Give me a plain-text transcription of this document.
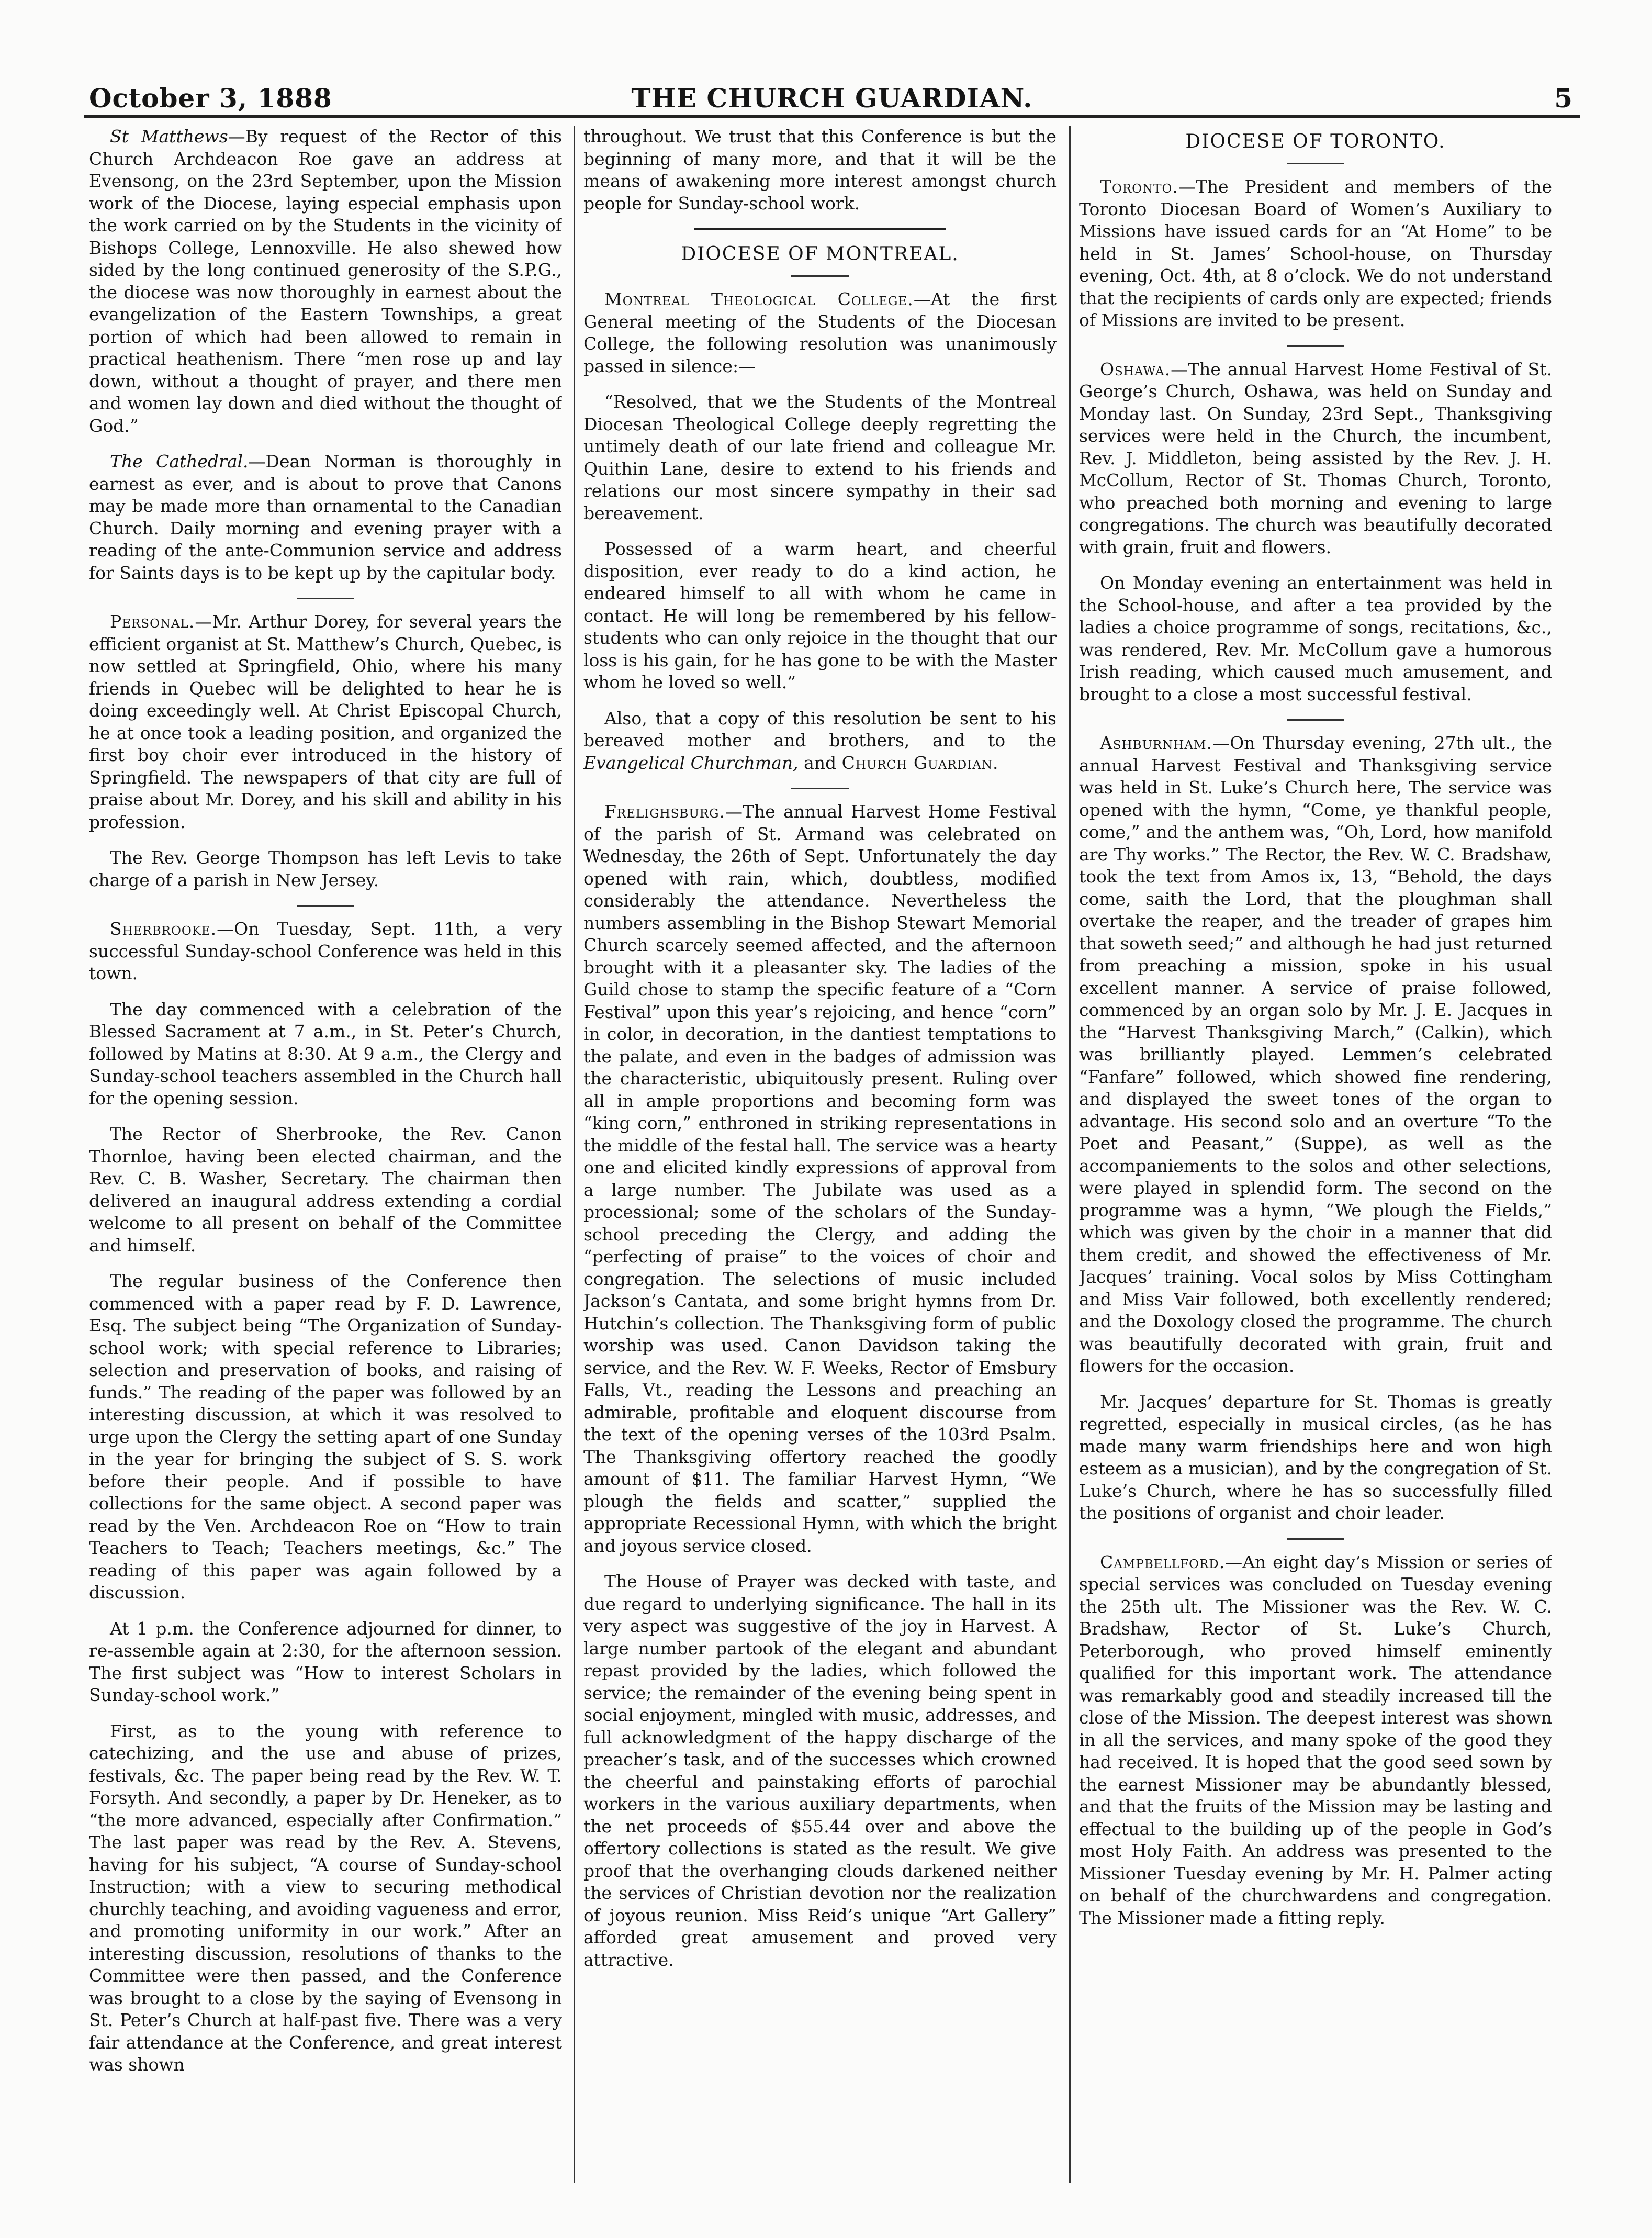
October 3, 1888	THE CHURCH GUARDIAN.	5

St Matthews—By request of the Rector of this Church Archdeacon Roe gave an address at Evensong, on the 23rd September, upon the Mission work of the Diocese, laying especial emphasis upon the work carried on by the Students in the vicinity of Bishops College, Lennoxville. He also shewed how sided by the long continued generosity of the S.P.G., the diocese was now thoroughly in earnest about the evangelization of the Eastern Townships, a great portion of which had been allowed to remain in practical heathenism. There “men rose up and lay down, without a thought of prayer, and there men and women lay down and died without the thought of God.”

The Cathedral.—Dean Norman is thoroughly in earnest as ever, and is about to prove that Canons may be made more than ornamental to the Canadian Church. Daily morning and evening prayer with a reading of the ante-Communion service and address for Saints days is to be kept up by the capitular body.

Personal.—Mr. Arthur Dorey, for several years the efficient organist at St. Matthew’s Church, Quebec, is now settled at Springfield, Ohio, where his many friends in Quebec will be delighted to hear he is doing exceedingly well. At Christ Episcopal Church, he at once took a leading position, and organized the first boy choir ever introduced in the history of Springfield. The newspapers of that city are full of praise about Mr. Dorey, and his skill and ability in his profession.

The Rev. George Thompson has left Levis to take charge of a parish in New Jersey.

Sherbrooke.—On Tuesday, Sept. 11th, a very successful Sunday-school Conference was held in this town.

The day commenced with a celebration of the Blessed Sacrament at 7 a.m., in St. Peter’s Church, followed by Matins at 8:30. At 9 a.m., the Clergy and Sunday-school teachers assembled in the Church hall for the opening session.

The Rector of Sherbrooke, the Rev. Canon Thornloe, having been elected chairman, and the Rev. C. B. Washer, Secretary. The chairman then delivered an inaugural address extending a cordial welcome to all present on behalf of the Committee and himself.

The regular business of the Conference then commenced with a paper read by F. D. Lawrence, Esq. The subject being “The Organization of Sunday-school work; with special reference to Libraries; selection and preservation of books, and raising of funds.” The reading of the paper was followed by an interesting discussion, at which it was resolved to urge upon the Clergy the setting apart of one Sunday in the year for bringing the subject of S. S. work before their people. And if possible to have collections for the same object. A second paper was read by the Ven. Archdeacon Roe on “How to train Teachers to Teach; Teachers meetings, &c.” The reading of this paper was again followed by a discussion.

At 1 p.m. the Conference adjourned for dinner, to re-assemble again at 2:30, for the afternoon session. The first subject was “How to interest Scholars in Sunday-school work.”

First, as to the young with reference to catechizing, and the use and abuse of prizes, festivals, &c. The paper being read by the Rev. W. T. Forsyth. And secondly, a paper by Dr. Heneker, as to “the more advanced, especially after Confirmation.” The last paper was read by the Rev. A. Stevens, having for his subject, “A course of Sunday-school Instruction; with a view to securing methodical churchly teaching, and avoiding vagueness and error, and promoting uniformity in our work.” After an interesting discussion, resolutions of thanks to the Committee were then passed, and the Conference was brought to a close by the saying of Evensong in St. Peter’s Church at half-past five. There was a very fair attendance at the Conference, and great interest was shown

throughout. We trust that this Conference is but the beginning of many more, and that it will be the means of awakening more interest amongst church people for Sunday-school work.

DIOCESE OF MONTREAL.

Montreal Theological College.—At the first General meeting of the Students of the Diocesan College, the following resolution was unanimously passed in silence:—

“Resolved, that we the Students of the Montreal Diocesan Theological College deeply regretting the untimely death of our late friend and colleague Mr. Quithin Lane, desire to extend to his friends and relations our most sincere sympathy in their sad bereavement.

Possessed of a warm heart, and cheerful disposition, ever ready to do a kind action, he endeared himself to all with whom he came in contact. He will long be remembered by his fellow-students who can only rejoice in the thought that our loss is his gain, for he has gone to be with the Master whom he loved so well.”

Also, that a copy of this resolution be sent to his bereaved mother and brothers, and to the Evangelical Churchman, and Church Guardian.

Frelighsburg.—The annual Harvest Home Festival of the parish of St. Armand was celebrated on Wednesday, the 26th of Sept. Unfortunately the day opened with rain, which, doubtless, modified considerably the attendance. Nevertheless the numbers assembling in the Bishop Stewart Memorial Church scarcely seemed affected, and the afternoon brought with it a pleasanter sky. The ladies of the Guild chose to stamp the specific feature of a “Corn Festival” upon this year’s rejoicing, and hence “corn” in color, in decoration, in the dantiest temptations to the palate, and even in the badges of admission was the characteristic, ubiquitously present. Ruling over all in ample proportions and becoming form was “king corn,” enthroned in striking representations in the middle of the festal hall. The service was a hearty one and elicited kindly expressions of approval from a large number. The Jubilate was used as a processional; some of the scholars of the Sunday-school preceding the Clergy, and adding the “perfecting of praise” to the voices of choir and congregation. The selections of music included Jackson’s Cantata, and some bright hymns from Dr. Hutchin’s collection. The Thanksgiving form of public worship was used. Canon Davidson taking the service, and the Rev. W. F. Weeks, Rector of Emsbury Falls, Vt., reading the Lessons and preaching an admirable, profitable and eloquent discourse from the text of the opening verses of the 103rd Psalm. The Thanksgiving offertory reached the goodly amount of $11. The familiar Harvest Hymn, “We plough the fields and scatter,” supplied the appropriate Recessional Hymn, with which the bright and joyous service closed.

The House of Prayer was decked with taste, and due regard to underlying significance. The hall in its very aspect was suggestive of the joy in Harvest. A large number partook of the elegant and abundant repast provided by the ladies, which followed the service; the remainder of the evening being spent in social enjoyment, mingled with music, addresses, and full acknowledgment of the happy discharge of the preacher’s task, and of the successes which crowned the cheerful and painstaking efforts of parochial workers in the various auxiliary departments, when the net proceeds of $55.44 over and above the offertory collections is stated as the result. We give proof that the overhanging clouds darkened neither the services of Christian devotion nor the realization of joyous reunion. Miss Reid’s unique “Art Gallery” afforded great amusement and proved very attractive.

DIOCESE OF TORONTO.

Toronto.—The President and members of the Toronto Diocesan Board of Women’s Auxiliary to Missions have issued cards for an “At Home” to be held in St. James’ School-house, on Thursday evening, Oct. 4th, at 8 o’clock. We do not understand that the recipients of cards only are expected; friends of Missions are invited to be present.

Oshawa.—The annual Harvest Home Festival of St. George’s Church, Oshawa, was held on Sunday and Monday last. On Sunday, 23rd Sept., Thanksgiving services were held in the Church, the incumbent, Rev. J. Middleton, being assisted by the Rev. J. H. McCollum, Rector of St. Thomas Church, Toronto, who preached both morning and evening to large congregations. The church was beautifully decorated with grain, fruit and flowers.

On Monday evening an entertainment was held in the School-house, and after a tea provided by the ladies a choice programme of songs, recitations, &c., was rendered, Rev. Mr. McCollum gave a humorous Irish reading, which caused much amusement, and brought to a close a most successful festival.

Ashburnham.—On Thursday evening, 27th ult., the annual Harvest Festival and Thanksgiving service was held in St. Luke’s Church here, The service was opened with the hymn, “Come, ye thankful people, come,” and the anthem was, “Oh, Lord, how manifold are Thy works.” The Rector, the Rev. W. C. Bradshaw, took the text from Amos ix, 13, “Behold, the days come, saith the Lord, that the ploughman shall overtake the reaper, and the treader of grapes him that soweth seed;” and although he had just returned from preaching a mission, spoke in his usual excellent manner. A service of praise followed, commenced by an organ solo by Mr. J. E. Jacques in the “Harvest Thanksgiving March,” (Calkin), which was brilliantly played. Lemmen’s celebrated “Fanfare” followed, which showed fine rendering, and displayed the sweet tones of the organ to advantage. His second solo and an overture “To the Poet and Peasant,” (Suppe), as well as the accompaniements to the solos and other selections, were played in splendid form. The second on the programme was a hymn, “We plough the Fields,” which was given by the choir in a manner that did them credit, and showed the effectiveness of Mr. Jacques’ training. Vocal solos by Miss Cottingham and Miss Vair followed, both excellently rendered; and the Doxology closed the programme. The church was beautifully decorated with grain, fruit and flowers for the occasion.

Mr. Jacques’ departure for St. Thomas is greatly regretted, especially in musical circles, (as he has made many warm friendships here and won high esteem as a musician), and by the congregation of St. Luke’s Church, where he has so successfully filled the positions of organist and choir leader.

Campbellford.—An eight day’s Mission or series of special services was concluded on Tuesday evening the 25th ult. The Missioner was the Rev. W. C. Bradshaw, Rector of St. Luke’s Church, Peterborough, who proved himself eminently qualified for this important work. The attendance was remarkably good and steadily increased till the close of the Mission. The deepest interest was shown in all the services, and many spoke of the good they had received. It is hoped that the good seed sown by the earnest Missioner may be abundantly blessed, and that the fruits of the Mission may be lasting and effectual to the building up of the people in God’s most Holy Faith. An address was presented to the Missioner Tuesday evening by Mr. H. Palmer acting on behalf of the churchwardens and congregation. The Missioner made a fitting reply.
